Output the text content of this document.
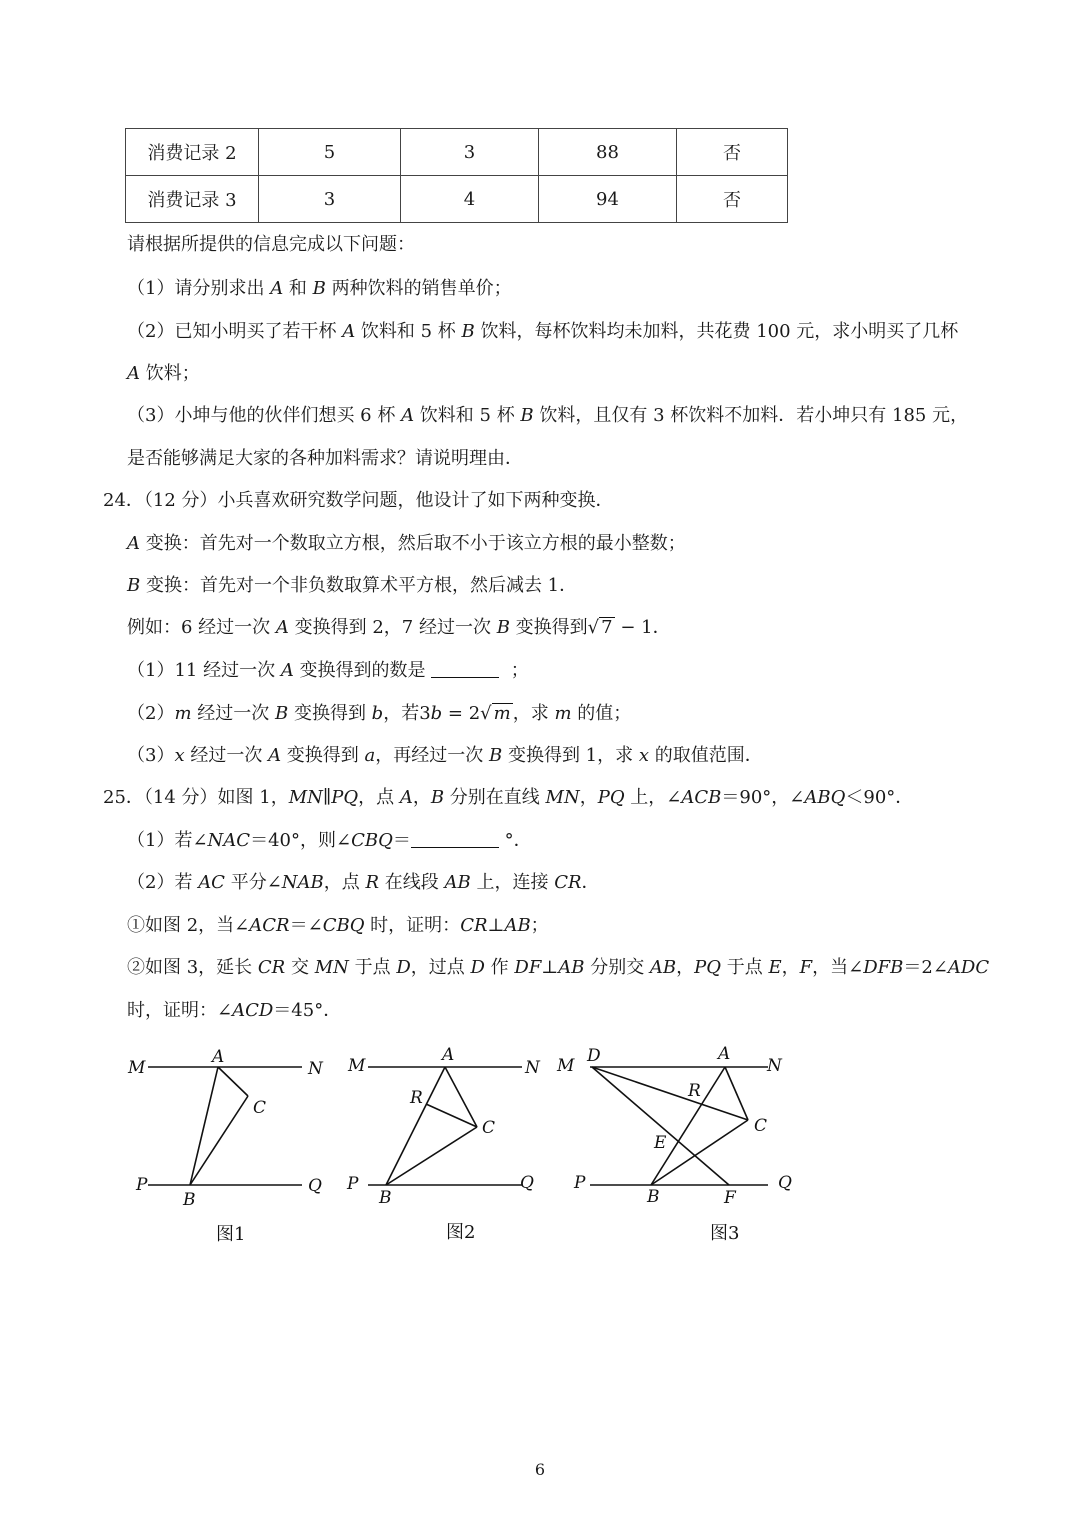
消费记录 2	5	3	88	否
消费记录 3	3	4	94	否
请根据所提供的信息完成以下问题：
（1）请分别求出 A 和 B 两种饮料的销售单价；
（2）已知小明买了若干杯 A 饮料和 5 杯 B 饮料，每杯饮料均未加料，共花费 100 元，求小明买了几杯
A 饮料；
（3）小坤与他的伙伴们想买 6 杯 A 饮料和 5 杯 B 饮料，且仅有 3 杯饮料不加料．若小坤只有 185 元，
是否能够满足大家的各种加料需求？请说明理由．
24．（12 分）小兵喜欢研究数学问题，他设计了如下两种变换．
A 变换：首先对一个数取立方根，然后取不小于该立方根的最小整数；
B 变换：首先对一个非负数取算术平方根，然后减去 1．
例如：6 经过一次 A 变换得到 2，7 经过一次 B 变换得到√ 7 − 1．
（1）11 经过一次 A 变换得到的数是	；
（2）m 经过一次 B 变换得到 b，若3b = 2√ m ，求 m 的值；
（3）x 经过一次 A 变换得到 a，再经过一次 B 变换得到 1，求 x 的取值范围．
25．（14 分）如图 1，MN∥PQ，点 A，B 分别在直线 MN，PQ 上，∠ACB＝90°，∠ABQ＜90°．
（1）若∠NAC＝40°，则∠CBQ＝	°．
（2）若 AC 平分∠NAB，点 R 在线段 AB 上，连接 CR．
①如图 2，当∠ACR＝∠CBQ 时，证明：CR⊥AB；
②如图 3，延长 CR 交 MN 于点 D，过点 D 作 DF⊥AB 分别交 AB，PQ 于点 E，F，当∠DFB＝2∠ADC
时，证明：∠ACD＝45°．
M	N
A
C
P	Q
B
M	N
A
R
C
P	Q
B
M D	A
N
R
C
E
P	Q
B	F
图1	图2	图3
6
